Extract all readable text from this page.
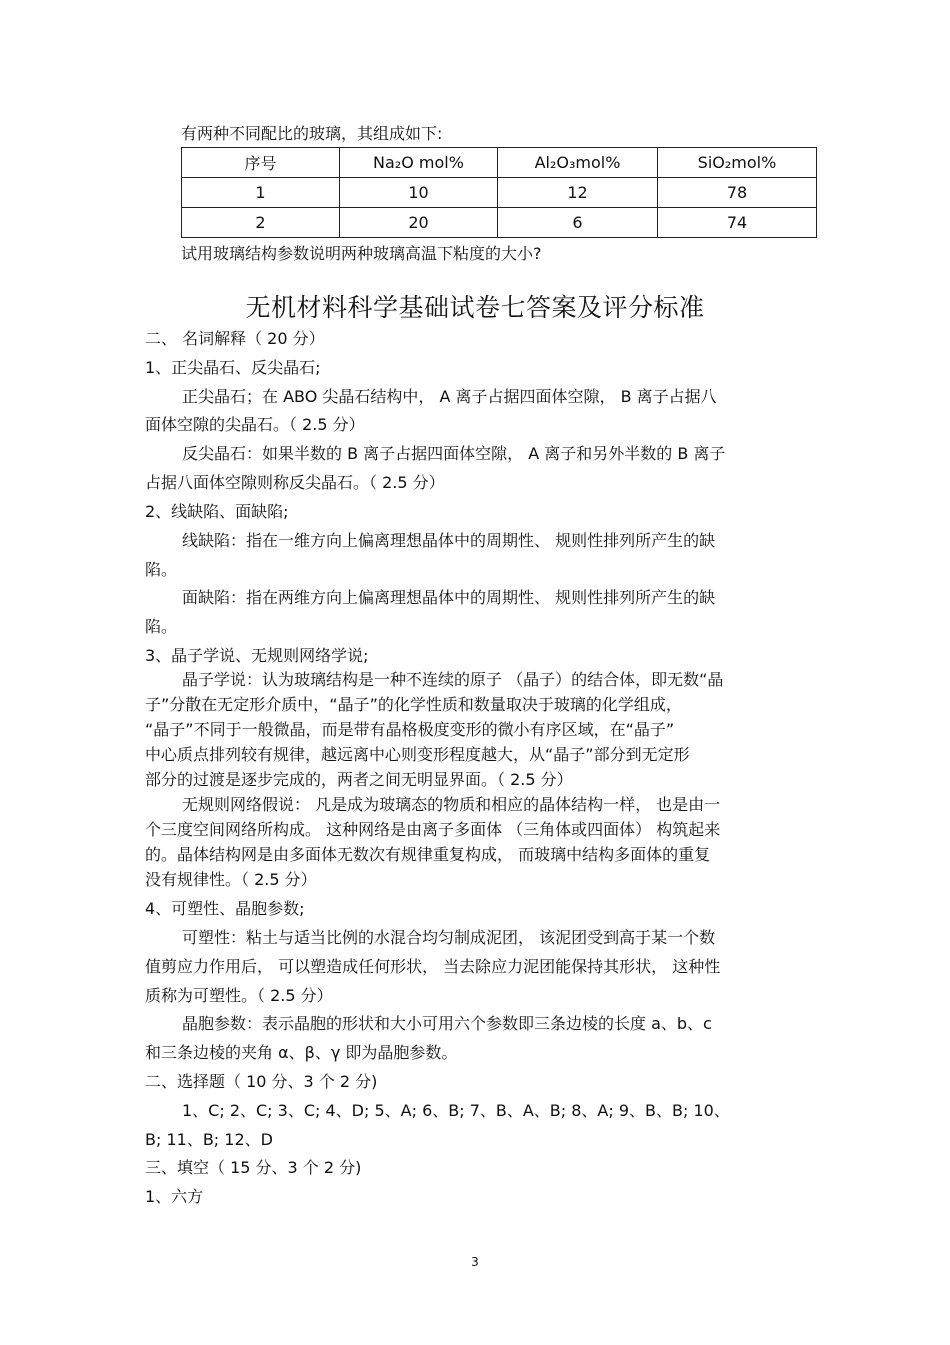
有两种不同配比的玻璃，其组成如下:
序号	Na₂O mol%	Al₂O₃mol%	SiO₂mol%
1	10	12	78
2	20	6	74
试用玻璃结构参数说明两种玻璃高温下粘度的大小?
无机材料科学基础试卷七答案及评分标准
二、 名词解释（ 20 分）
1、正尖晶石、反尖晶石;
正尖晶石；在 ABO 尖晶石结构中， A 离子占据四面体空隙， B 离子占据八
面体空隙的尖晶石。（ 2.5 分）
反尖晶石：如果半数的 B 离子占据四面体空隙， A 离子和另外半数的 B 离子
占据八面体空隙则称反尖晶石。（ 2.5 分）
2、线缺陷、面缺陷;
线缺陷：指在一维方向上偏离理想晶体中的周期性、 规则性排列所产生的缺
陷。
面缺陷：指在两维方向上偏离理想晶体中的周期性、 规则性排列所产生的缺
陷。
3、晶子学说、无规则网络学说;
晶子学说：认为玻璃结构是一种不连续的原子 （晶子）的结合体，即无数“晶
子”分散在无定形介质中，“晶子”的化学性质和数量取决于玻璃的化学组成，
“晶子”不同于一般微晶，而是带有晶格极度变形的微小有序区域，在“晶子”
中心质点排列较有规律，越远离中心则变形程度越大，从“晶子”部分到无定形
部分的过渡是逐步完成的，两者之间无明显界面。（ 2.5 分）
无规则网络假说： 凡是成为玻璃态的物质和相应的晶体结构一样， 也是由一
个三度空间网络所构成。 这种网络是由离子多面体 （三角体或四面体） 构筑起来
的。晶体结构网是由多面体无数次有规律重复构成， 而玻璃中结构多面体的重复
没有规律性。（ 2.5 分）
4、可塑性、晶胞参数;
可塑性：粘土与适当比例的水混合均匀制成泥团， 该泥团受到高于某一个数
值剪应力作用后， 可以塑造成任何形状， 当去除应力泥团能保持其形状， 这种性
质称为可塑性。（ 2.5 分）
晶胞参数：表示晶胞的形状和大小可用六个参数即三条边棱的长度 a、b、c
和三条边棱的夹角 α、β、γ 即为晶胞参数。
二、选择题（ 10 分、3 个 2 分)
1、C; 2、C; 3、C; 4、D; 5、A; 6、B; 7、B、A、B; 8、A; 9、B、B; 10、
B; 11、B; 12、D
三、填空（ 15 分、3 个 2 分)
1、六方
3
